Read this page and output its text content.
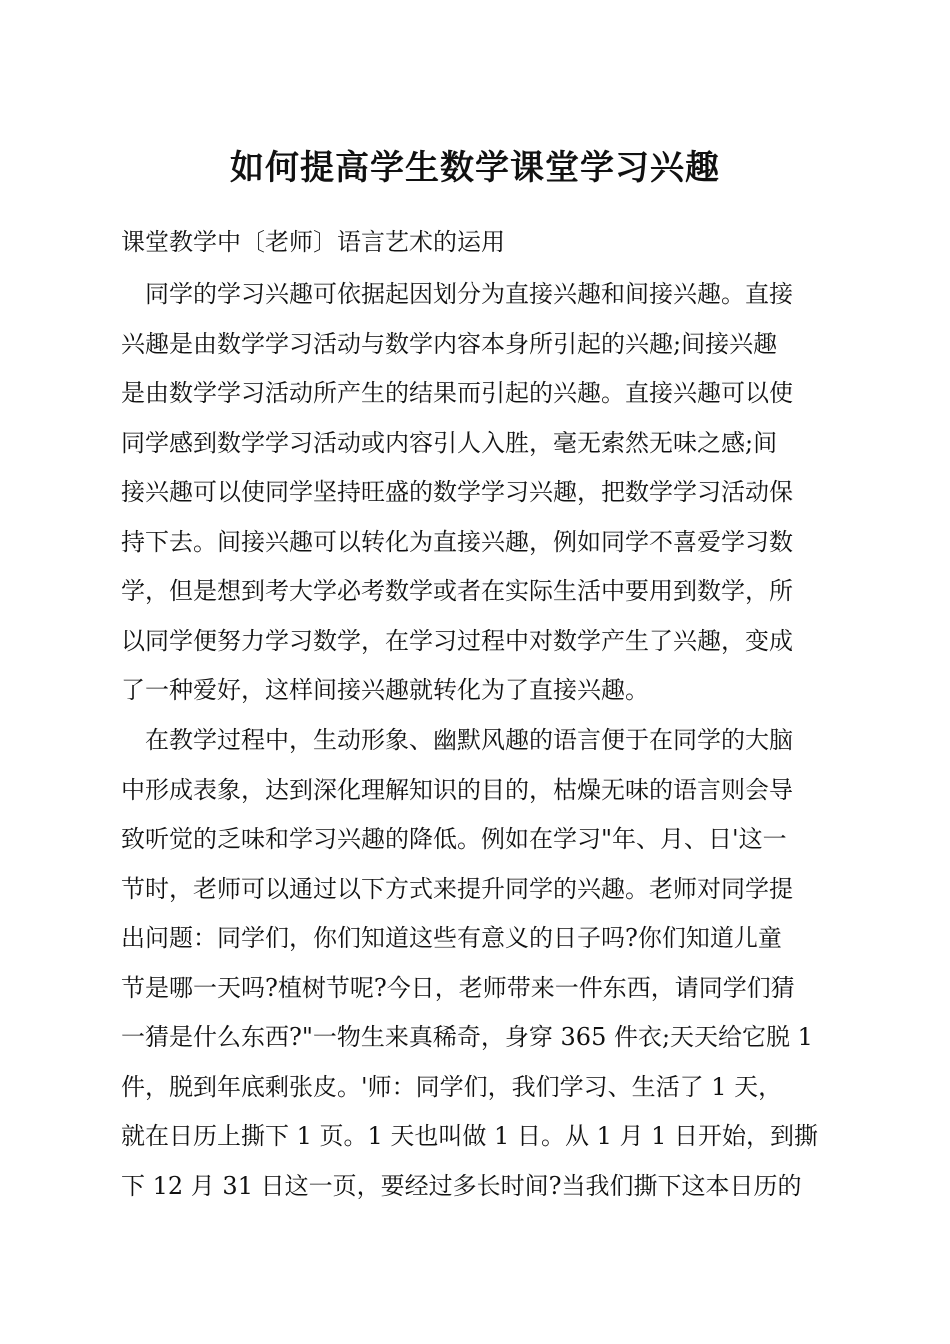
如何提高学生数学课堂学习兴趣

课堂教学中〔老师〕语言艺术的运用

　同学的学习兴趣可依据起因划分为直接兴趣和间接兴趣。直接
兴趣是由数学学习活动与数学内容本身所引起的兴趣;间接兴趣
是由数学学习活动所产生的结果而引起的兴趣。直接兴趣可以使
同学感到数学学习活动或内容引人入胜，毫无索然无味之感;间
接兴趣可以使同学坚持旺盛的数学学习兴趣，把数学学习活动保
持下去。间接兴趣可以转化为直接兴趣，例如同学不喜爱学习数
学，但是想到考大学必考数学或者在实际生活中要用到数学，所
以同学便努力学习数学，在学习过程中对数学产生了兴趣，变成
了一种爱好，这样间接兴趣就转化为了直接兴趣。
　在教学过程中，生动形象、幽默风趣的语言便于在同学的大脑
中形成表象，达到深化理解知识的目的，枯燥无味的语言则会导
致听觉的乏味和学习兴趣的降低。例如在学习"年、月、日'这一
节时，老师可以通过以下方式来提升同学的兴趣。老师对同学提
出问题：同学们，你们知道这些有意义的日子吗?你们知道儿童
节是哪一天吗?植树节呢?今日，老师带来一件东西，请同学们猜
一猜是什么东西?"一物生来真稀奇，身穿 365 件衣;天天给它脱 1
件，脱到年底剩张皮。'师：同学们，我们学习、生活了 1 天，
就在日历上撕下 1 页。1 天也叫做 1 日。从 1 月 1 日开始，到撕
下 12 月 31 日这一页，要经过多长时间?当我们撕下这本日历的
